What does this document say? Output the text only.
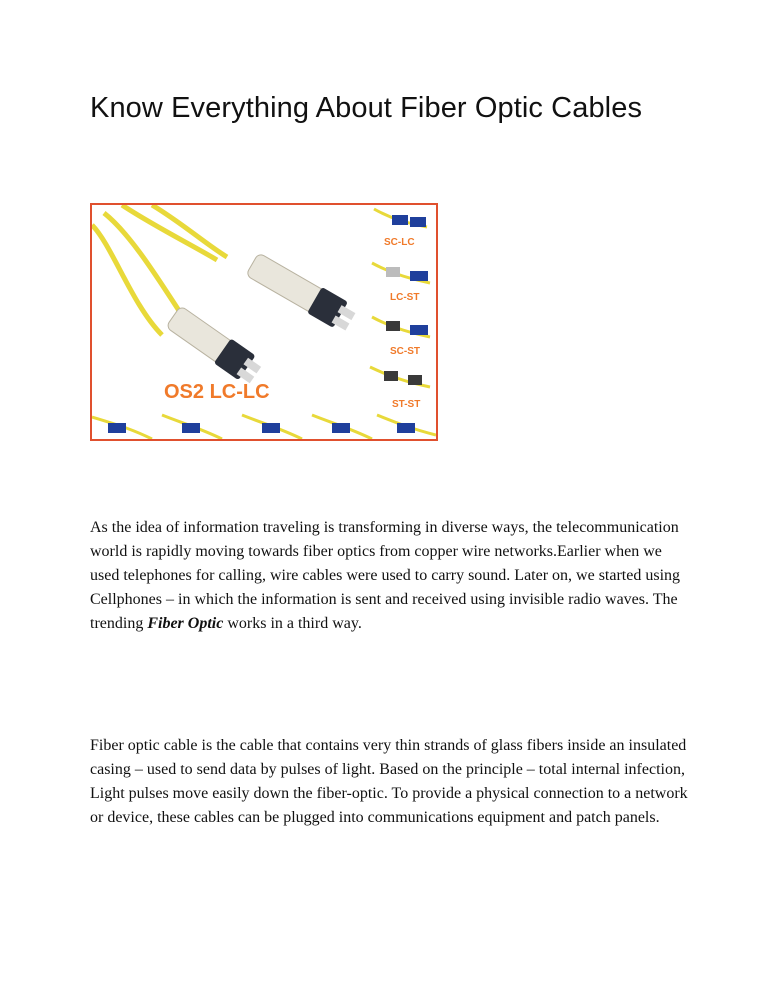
Know Everything About Fiber Optic Cables
OS2 LC-LC
SC-LC
LC-ST
SC-ST
ST-ST

As the idea of information traveling is transforming in diverse ways, the telecommunication world is rapidly moving towards fiber optics from copper wire networks.Earlier when we used telephones for calling, wire cables were used to carry sound. Later on, we started using Cellphones – in which the information is sent and received using invisible radio waves. The trending Fiber Optic works in a third way.

Fiber optic cable is the cable that contains very thin strands of glass fibers inside an insulated casing – used to send data by pulses of light. Based on the principle – total internal infection, Light pulses move easily down the fiber-optic. To provide a physical connection to a network or device, these cables can be plugged into communications equipment and patch panels.
